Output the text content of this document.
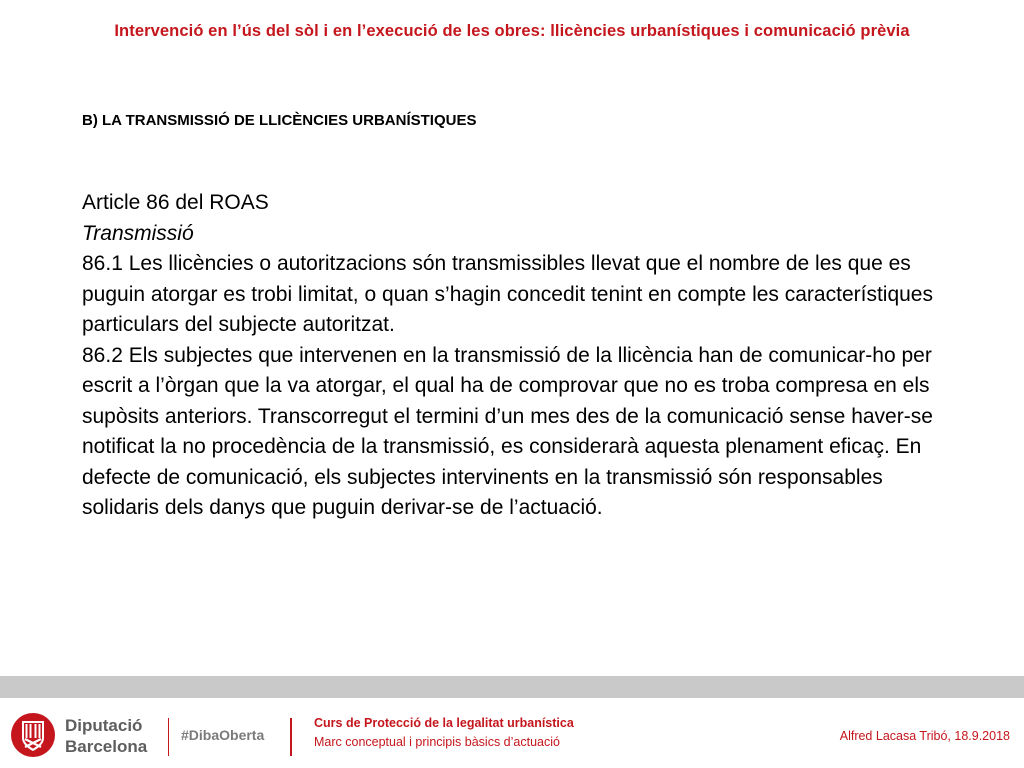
Intervenció en l’ús del sòl i en l’execució de les obres: llicències urbanístiques i comunicació prèvia
B) LA TRANSMISSIÓ DE LLICÈNCIES URBANÍSTIQUES
Article 86 del ROAS
Transmissió
86.1 Les llicències o autoritzacions són transmissibles llevat que el nombre de les que es puguin atorgar es trobi limitat, o quan s’hagin concedit tenint en compte les característiques particulars del subjecte autoritzat.
86.2 Els subjectes que intervenen en la transmissió de la llicència han de comunicar-ho per escrit a l’òrgan que la va atorgar, el qual ha de comprovar que no es troba compresa en els supòsits anteriors. Transcorregut el termini d’un mes des de la comunicació sense haver-se notificat la no procedència de la transmissió, es considerarà aquesta plenament eficaç. En defecte de comunicació, els subjectes intervinents en la transmissió són responsables solidaris dels danys que puguin derivar-se de l’actuació.
Diputació
Barcelona
#DibaOberta
Curs de Protecció de la legalitat urbanística
Marc conceptual i principis bàsics d’actuació	Alfred Lacasa Tribó, 18.9.2018
